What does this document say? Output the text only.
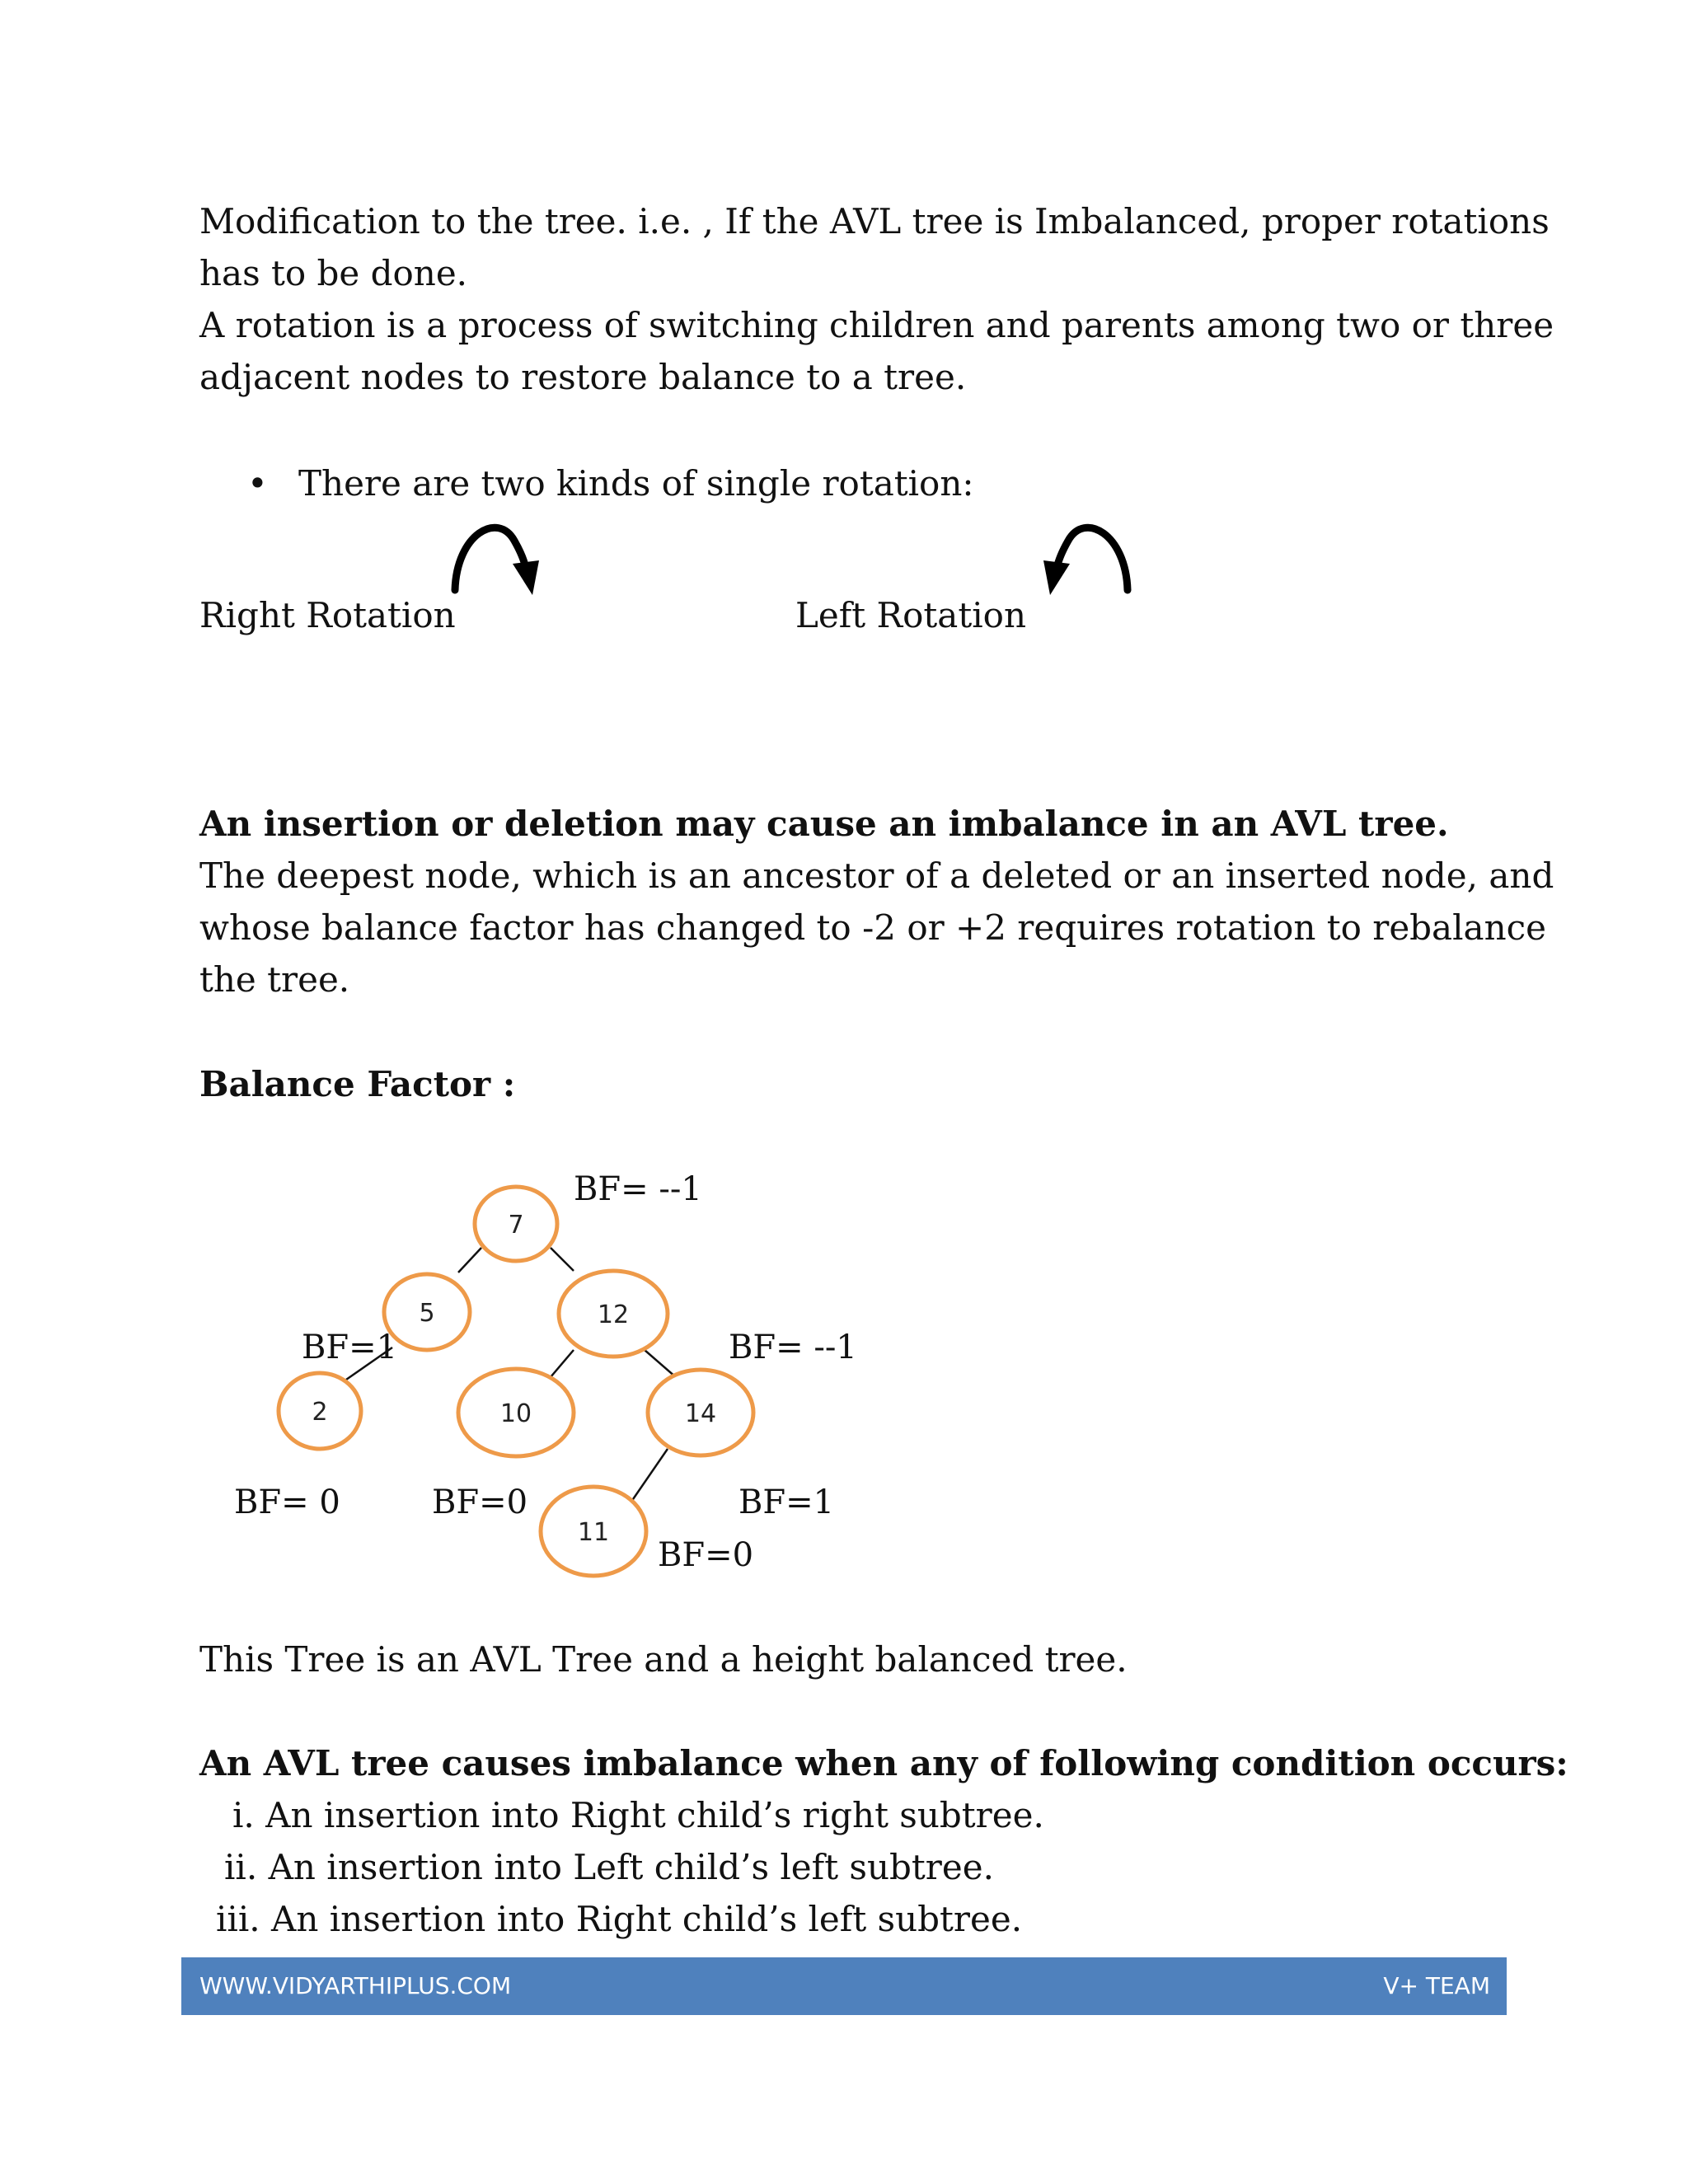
Modification to the tree. i.e. , If the AVL tree is Imbalanced, proper rotations
has to be done.
A rotation is a process of switching children and parents among two or three
adjacent nodes to restore balance to a tree.
• There are two kinds of single rotation:
Right Rotation	Left Rotation
An insertion or deletion may cause an imbalance in an AVL tree.
The deepest node, which is an ancestor of a deleted or an inserted node, and
whose balance factor has changed to -2 or +2 requires rotation to rebalance
the tree.
Balance Factor :
7
5	12
2	10	14
11
BF= --1
BF=1	BF= --1
BF= 0	BF=0	BF=1
BF=0
This Tree is an AVL Tree and a height balanced tree.
An AVL tree causes imbalance when any of following condition occurs:
i. An insertion into Right child’s right subtree.
ii. An insertion into Left child’s left subtree.
iii. An insertion into Right child’s left subtree.
WWW.VIDYARTHIPLUS.COM	V+ TEAM
